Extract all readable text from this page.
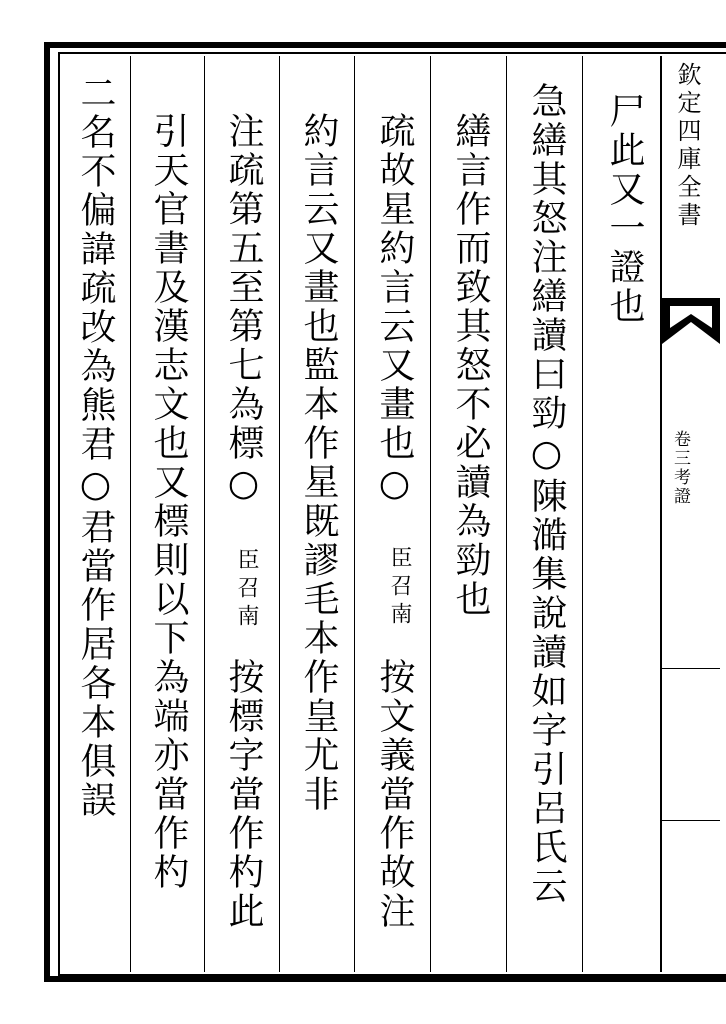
欽定四庫全書
卷三考證
尸此又一證也
急繕其怒注繕讀曰勁○陳澔集說讀如字引呂氏云
繕言作而致其怒不必讀為勁也
疏故星約言云又畫也○
臣召南
按文義當作故注
約言云又畫也監本作星既謬毛本作皇尤非
注疏第五至第七為標○
臣召南
按標字當作杓此
引天官書及漢志文也又標則以下為端亦當作杓
二名不偏諱疏改為熊君○君當作居各本俱誤
